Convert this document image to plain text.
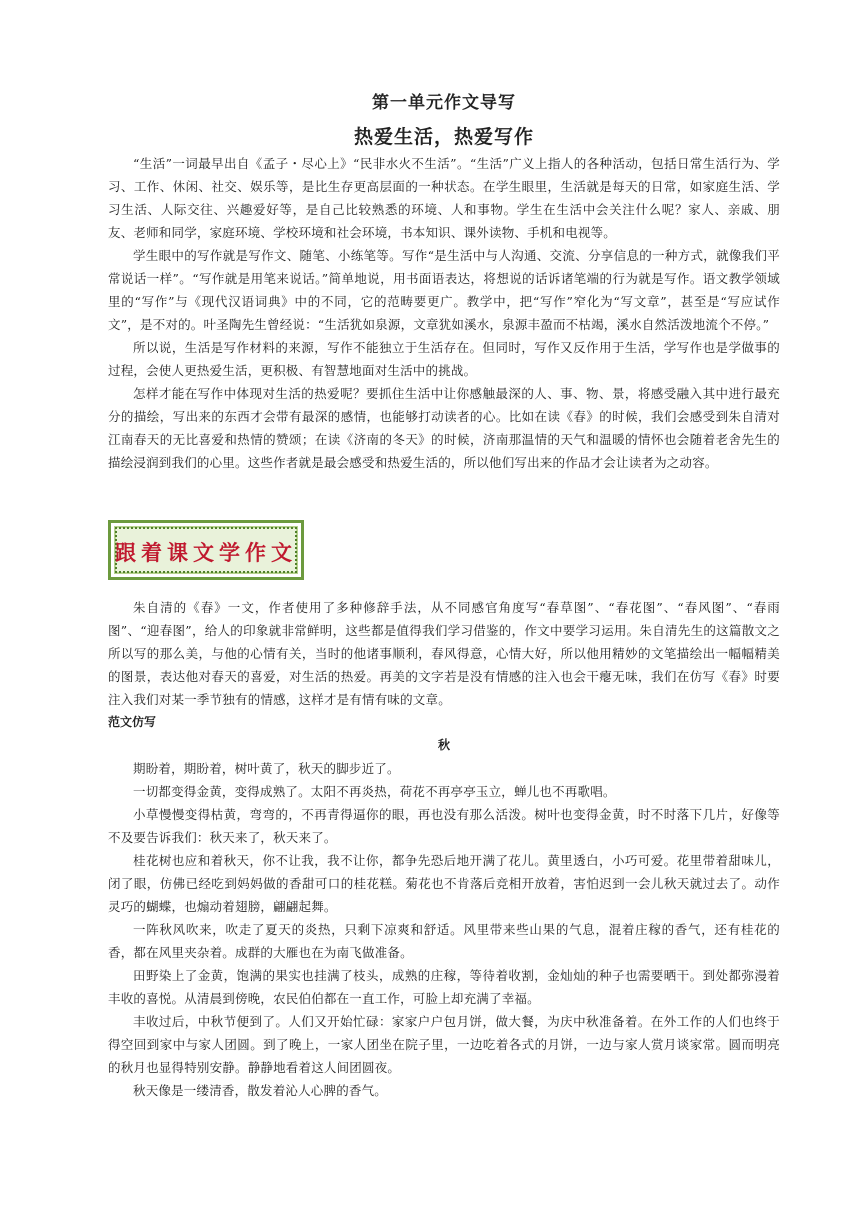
第一单元作文导写
热爱生活，热爱写作

“生活”一词最早出自《孟子・尽心上》“民非水火不生活”。“生活”广义上指人的各种活动，包括日常生活行为、学习、工作、休闲、社交、娱乐等，是比生存更高层面的一种状态。在学生眼里，生活就是每天的日常，如家庭生活、学习生活、人际交往、兴趣爱好等，是自己比较熟悉的环境、人和事物。学生在生活中会关注什么呢？家人、亲戚、朋友、老师和同学，家庭环境、学校环境和社会环境，书本知识、课外读物、手机和电视等。

学生眼中的写作就是写作文、随笔、小练笔等。写作“是生活中与人沟通、交流、分享信息的一种方式，就像我们平常说话一样”。“写作就是用笔来说话。”简单地说，用书面语表达，将想说的话诉诸笔端的行为就是写作。语文教学领域里的“写作”与《现代汉语词典》中的不同，它的范畴要更广。教学中，把“写作”窄化为“写文章”，甚至是“写应试作文”，是不对的。叶圣陶先生曾经说：“生活犹如泉源，文章犹如溪水，泉源丰盈而不枯竭，溪水自然活泼地流个不停。”

所以说，生活是写作材料的来源，写作不能独立于生活存在。但同时，写作又反作用于生活，学写作也是学做事的过程，会使人更热爱生活，更积极、有智慧地面对生活中的挑战。

怎样才能在写作中体现对生活的热爱呢？要抓住生活中让你感触最深的人、事、物、景，将感受融入其中进行最充分的描绘，写出来的东西才会带有最深的感情，也能够打动读者的心。比如在读《春》的时候，我们会感受到朱自清对江南春天的无比喜爱和热情的赞颂；在读《济南的冬天》的时候，济南那温情的天气和温暖的情怀也会随着老舍先生的描绘浸润到我们的心里。这些作者就是最会感受和热爱生活的，所以他们写出来的作品才会让读者为之动容。

跟着课文学作文

朱自清的《春》一文，作者使用了多种修辞手法，从不同感官角度写“春草图”、“春花图”、“春风图”、“春雨图”、“迎春图”，给人的印象就非常鲜明，这些都是值得我们学习借鉴的，作文中要学习运用。朱自清先生的这篇散文之所以写的那么美，与他的心情有关，当时的他诸事顺利，春风得意，心情大好，所以他用精妙的文笔描绘出一幅幅精美的图景，表达他对春天的喜爱，对生活的热爱。再美的文字若是没有情感的注入也会干瘪无味，我们在仿写《春》时要注入我们对某一季节独有的情感，这样才是有情有味的文章。

范文仿写
秋

期盼着，期盼着，树叶黄了，秋天的脚步近了。

一切都变得金黄，变得成熟了。太阳不再炎热，荷花不再亭亭玉立，蝉儿也不再歌唱。

小草慢慢变得枯黄，弯弯的，不再青得逼你的眼，再也没有那么活泼。树叶也变得金黄，时不时落下几片，好像等不及要告诉我们：秋天来了，秋天来了。

桂花树也应和着秋天，你不让我，我不让你，都争先恐后地开满了花儿。黄里透白，小巧可爱。花里带着甜味儿，闭了眼，仿佛已经吃到妈妈做的香甜可口的桂花糕。菊花也不肯落后竞相开放着，害怕迟到一会儿秋天就过去了。动作灵巧的蝴蝶，也煽动着翅膀，翩翩起舞。

一阵秋风吹来，吹走了夏天的炎热，只剩下凉爽和舒适。风里带来些山果的气息，混着庄稼的香气，还有桂花的香，都在风里夹杂着。成群的大雁也在为南飞做准备。

田野染上了金黄，饱满的果实也挂满了枝头，成熟的庄稼，等待着收割，金灿灿的种子也需要晒干。到处都弥漫着丰收的喜悦。从清晨到傍晚，农民伯伯都在一直工作，可脸上却充满了幸福。

丰收过后，中秋节便到了。人们又开始忙碌：家家户户包月饼，做大餐，为庆中秋准备着。在外工作的人们也终于得空回到家中与家人团圆。到了晚上，一家人团坐在院子里，一边吃着各式的月饼，一边与家人赏月谈家常。圆而明亮的秋月也显得特别安静。静静地看着这人间团圆夜。

秋天像是一缕清香，散发着沁人心脾的香气。
